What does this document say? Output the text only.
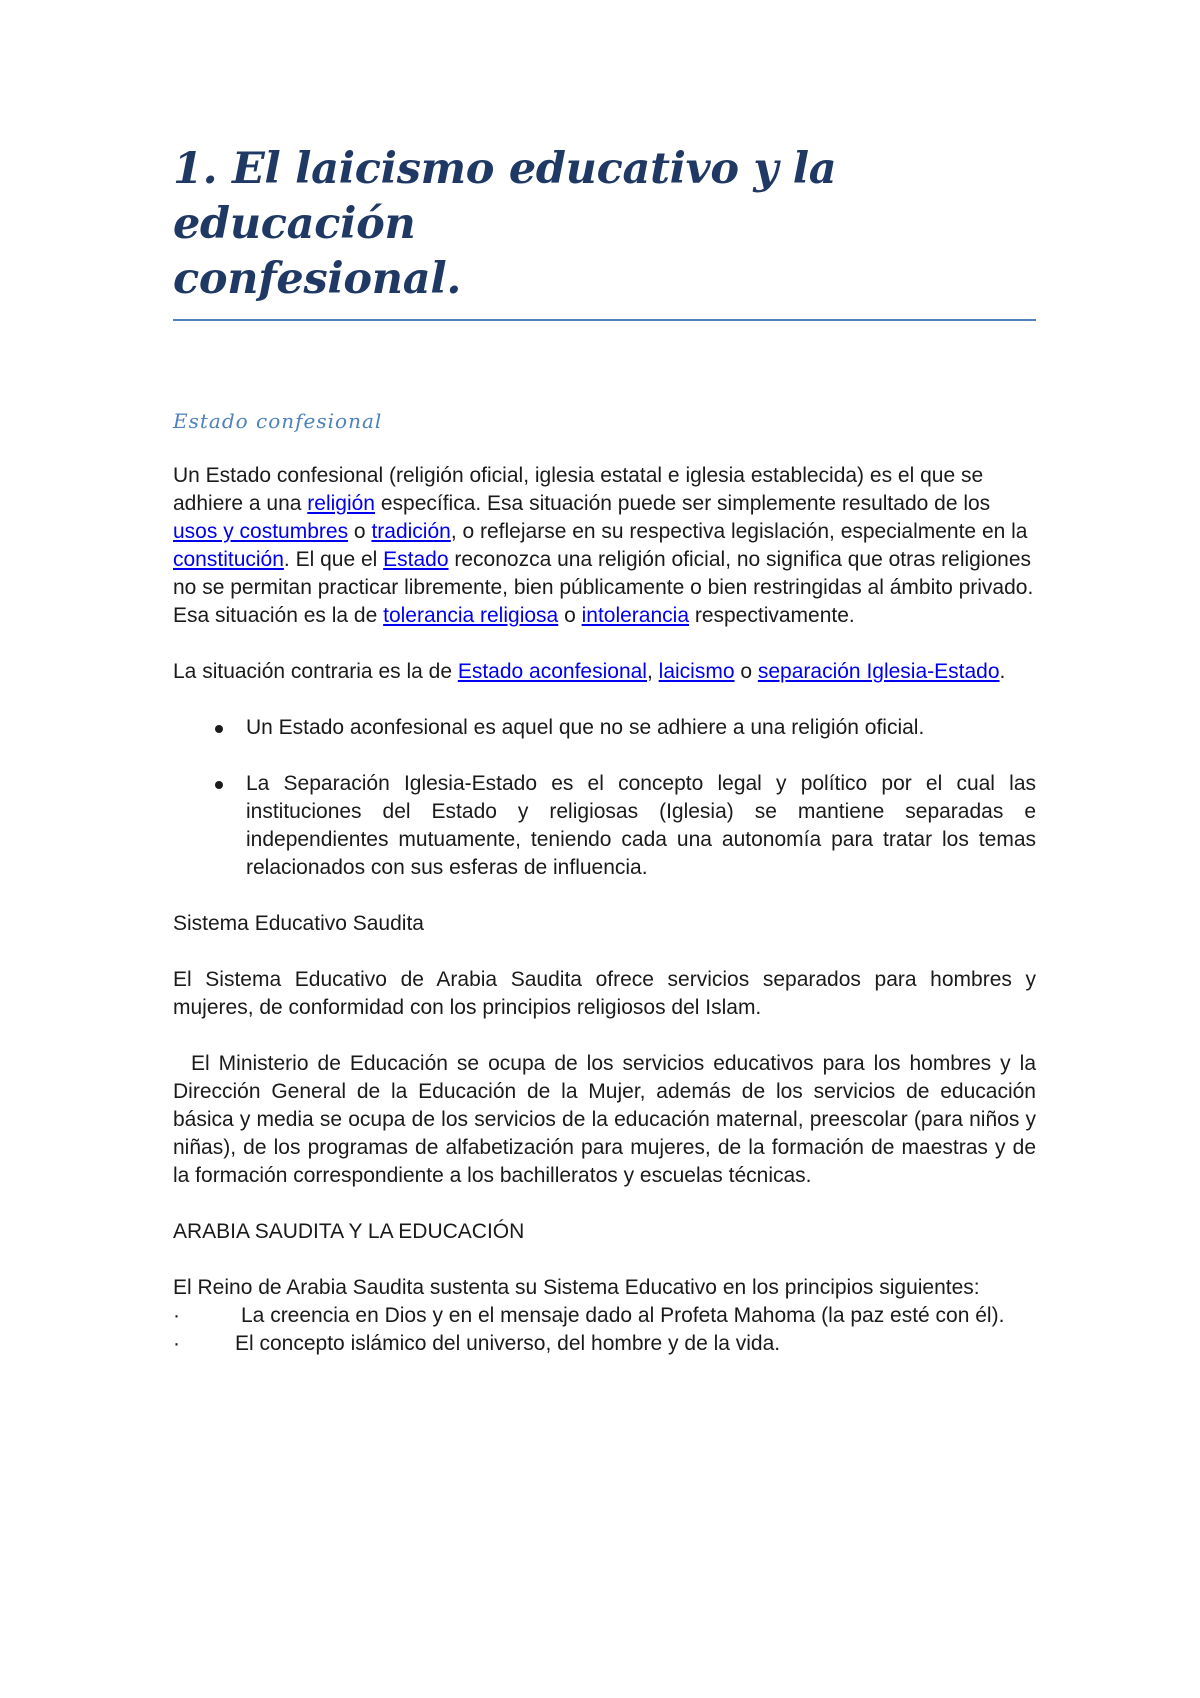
1. El laicismo educativo y la educación
confesional.

Estado confesional

Un Estado confesional (religión oficial, iglesia estatal e iglesia establecida) es el que se adhiere a una religión específica. Esa situación puede ser simplemente resultado de los usos y costumbres o tradición, o reflejarse en su respectiva legislación, especialmente en la constitución. El que el Estado reconozca una religión oficial, no significa que otras religiones no se permitan practicar libremente, bien públicamente o bien restringidas al ámbito privado. Esa situación es la de tolerancia religiosa o intolerancia respectivamente.

La situación contraria es la de Estado aconfesional, laicismo o separación Iglesia-Estado.

Un Estado aconfesional es aquel que no se adhiere a una religión oficial.
La Separación Iglesia-Estado es el concepto legal y político por el cual las instituciones del Estado y religiosas (Iglesia) se mantiene separadas e independientes mutuamente, teniendo cada una autonomía para tratar los temas relacionados con sus esferas de influencia.

Sistema Educativo Saudita

El Sistema Educativo de Arabia Saudita ofrece servicios separados para hombres y mujeres, de conformidad con los principios religiosos del Islam.

El Ministerio de Educación se ocupa de los servicios educativos para los hombres y la Dirección General de la Educación de la Mujer, además de los servicios de educación básica y media se ocupa de los servicios de la educación maternal, preescolar (para niños y niñas), de los programas de alfabetización para mujeres, de la formación de maestras y de la formación correspondiente a los bachilleratos y escuelas técnicas.

ARABIA SAUDITA Y LA EDUCACIÓN

El Reino de Arabia Saudita sustenta su Sistema Educativo en los principios siguientes:

·	La creencia en Dios y en el mensaje dado al Profeta Mahoma (la paz esté con él).

·	El concepto islámico del universo, del hombre y de la vida.
